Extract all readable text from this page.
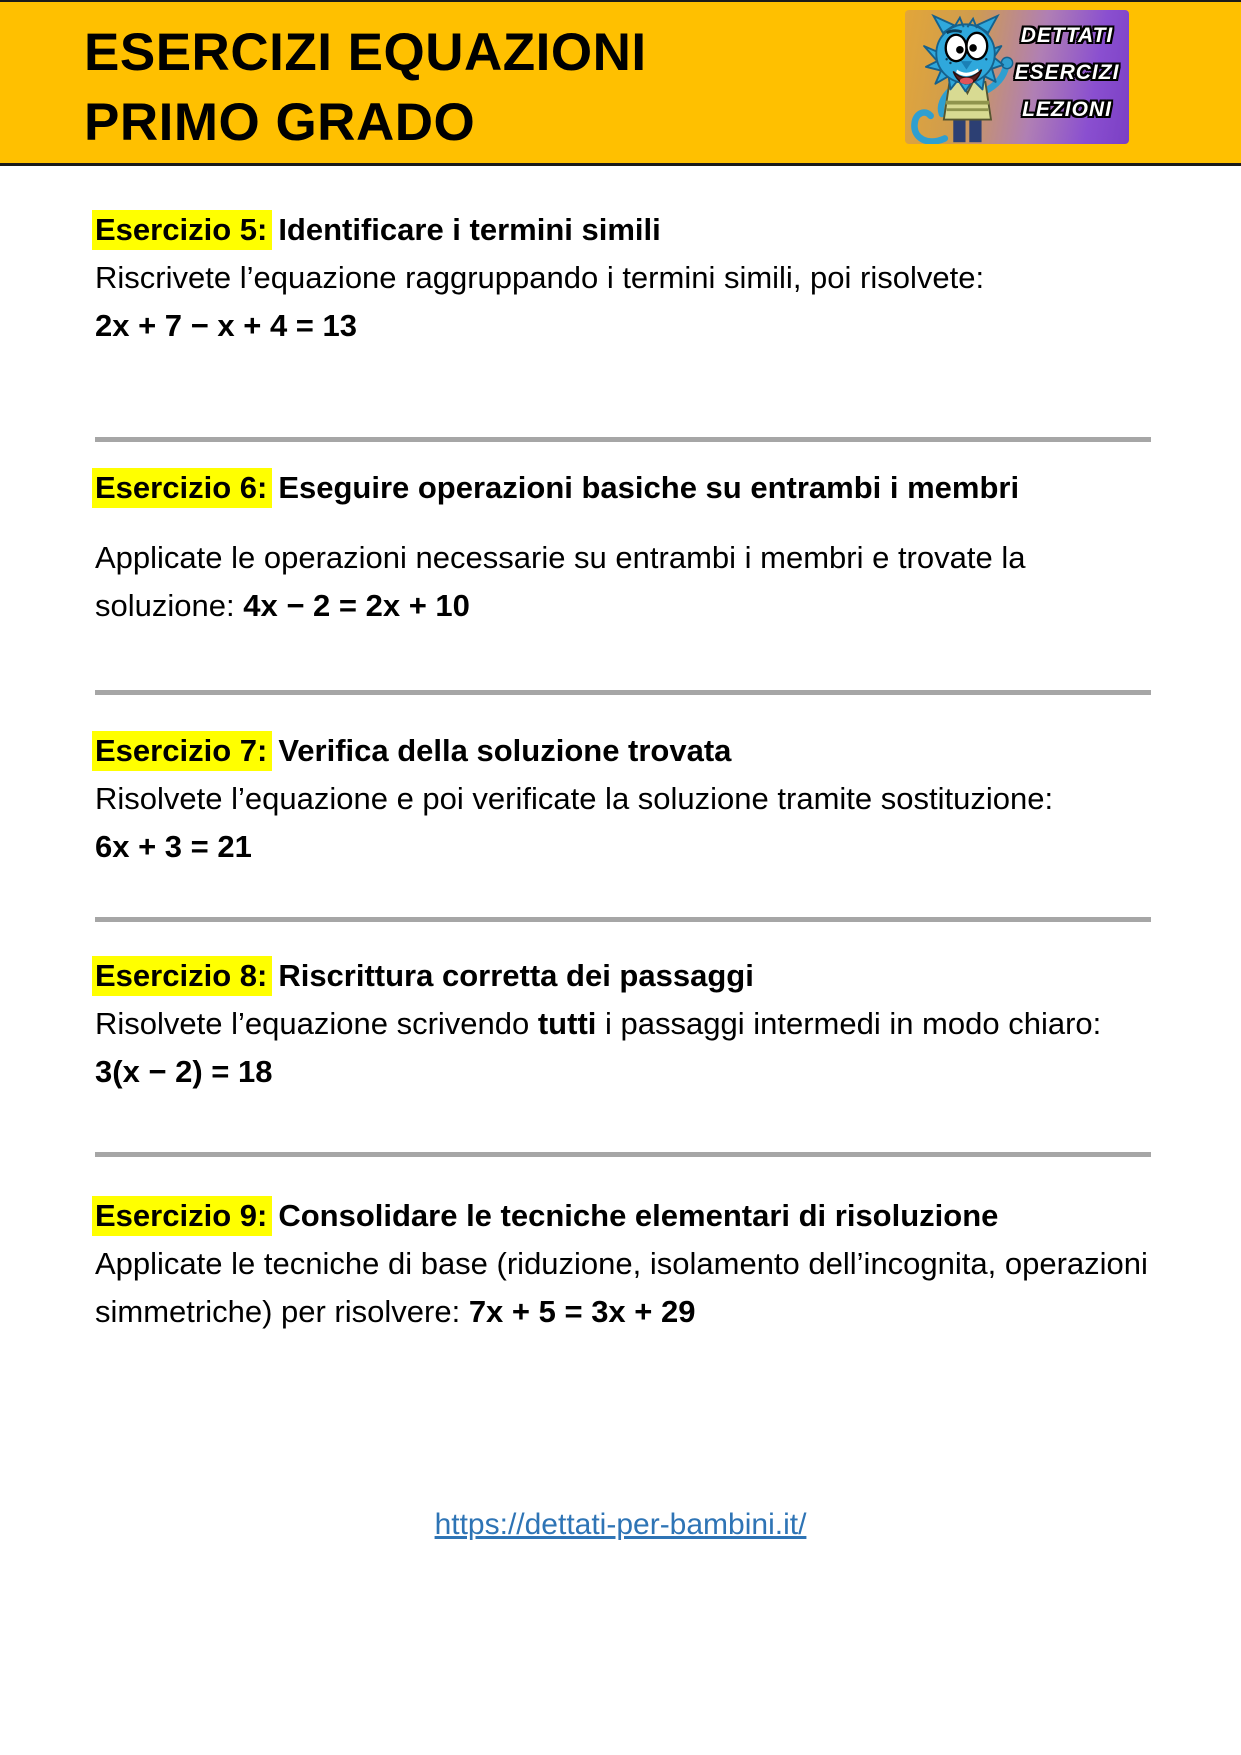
ESERCIZI EQUAZIONI
PRIMO GRADO
DETTATI
ESERCIZI
LEZIONI
Esercizio 5: Identificare i termini simili
Riscrivete l’equazione raggruppando i termini simili, poi risolvete: 2x + 7 − x + 4 = 13
Esercizio 6: Eseguire operazioni basiche su entrambi i membri
Applicate le operazioni necessarie su entrambi i membri e trovate la soluzione: 4x − 2 = 2x + 10
Esercizio 7: Verifica della soluzione trovata
Risolvete l’equazione e poi verificate la soluzione tramite sostituzione: 6x + 3 = 21
Esercizio 8: Riscrittura corretta dei passaggi
Risolvete l’equazione scrivendo tutti i passaggi intermedi in modo chiaro: 3(x − 2) = 18
Esercizio 9: Consolidare le tecniche elementari di risoluzione
Applicate le tecniche di base (riduzione, isolamento dell’incognita, operazioni simmetriche) per risolvere: 7x + 5 = 3x + 29
https://dettati-per-bambini.it/
